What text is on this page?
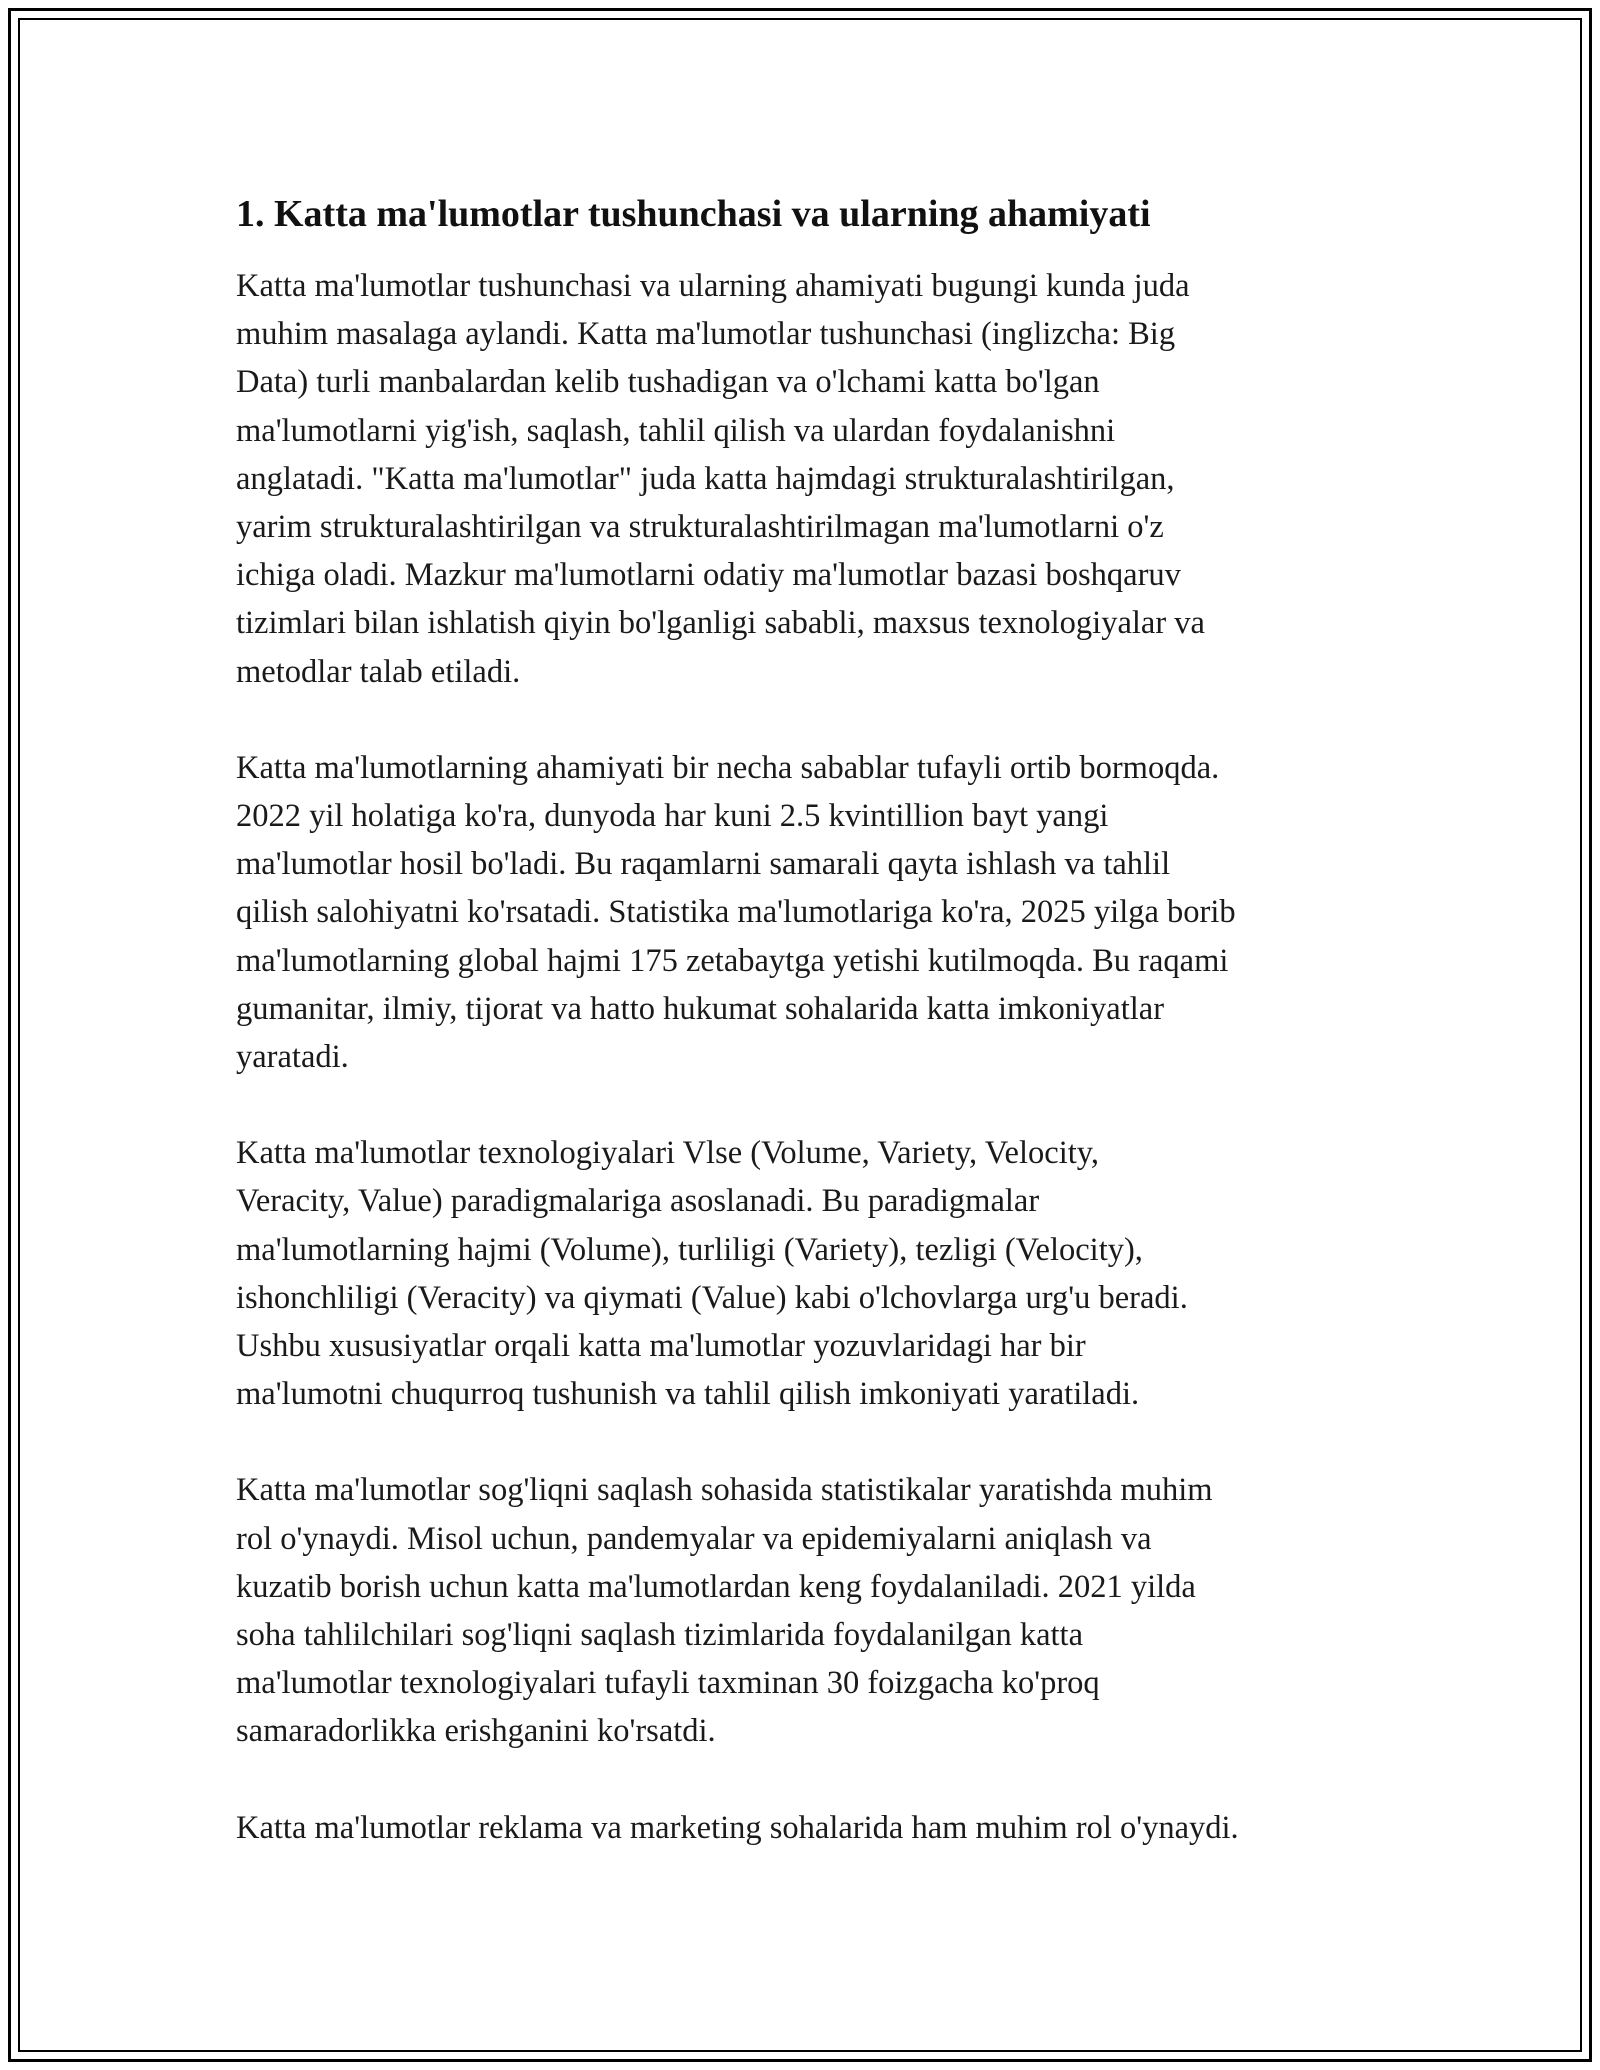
1. Katta ma'lumotlar tushunchasi va ularning ahamiyati

Katta ma'lumotlar tushunchasi va ularning ahamiyati bugungi kunda juda
muhim masalaga aylandi. Katta ma'lumotlar tushunchasi (inglizcha: Big
Data) turli manbalardan kelib tushadigan va o'lchami katta bo'lgan
ma'lumotlarni yig'ish, saqlash, tahlil qilish va ulardan foydalanishni
anglatadi. "Katta ma'lumotlar" juda katta hajmdagi strukturalashtirilgan,
yarim strukturalashtirilgan va strukturalashtirilmagan ma'lumotlarni o'z
ichiga oladi. Mazkur ma'lumotlarni odatiy ma'lumotlar bazasi boshqaruv
tizimlari bilan ishlatish qiyin bo'lganligi sababli, maxsus texnologiyalar va
metodlar talab etiladi.

Katta ma'lumotlarning ahamiyati bir necha sabablar tufayli ortib bormoqda.
2022 yil holatiga ko'ra, dunyoda har kuni 2.5 kvintillion bayt yangi
ma'lumotlar hosil bo'ladi. Bu raqamlarni samarali qayta ishlash va tahlil
qilish salohiyatni ko'rsatadi. Statistika ma'lumotlariga ko'ra, 2025 yilga borib
ma'lumotlarning global hajmi 175 zetabaytga yetishi kutilmoqda. Bu raqami
gumanitar, ilmiy, tijorat va hatto hukumat sohalarida katta imkoniyatlar
yaratadi.

Katta ma'lumotlar texnologiyalari Vlse (Volume, Variety, Velocity,
Veracity, Value) paradigmalariga asoslanadi. Bu paradigmalar
ma'lumotlarning hajmi (Volume), turliligi (Variety), tezligi (Velocity),
ishonchliligi (Veracity) va qiymati (Value) kabi o'lchovlarga urg'u beradi.
Ushbu xususiyatlar orqali katta ma'lumotlar yozuvlaridagi har bir
ma'lumotni chuqurroq tushunish va tahlil qilish imkoniyati yaratiladi.

Katta ma'lumotlar sog'liqni saqlash sohasida statistikalar yaratishda muhim
rol o'ynaydi. Misol uchun, pandemyalar va epidemiyalarni aniqlash va
kuzatib borish uchun katta ma'lumotlardan keng foydalaniladi. 2021 yilda
soha tahlilchilari sog'liqni saqlash tizimlarida foydalanilgan katta
ma'lumotlar texnologiyalari tufayli taxminan 30 foizgacha ko'proq
samaradorlikka erishganini ko'rsatdi.

Katta ma'lumotlar reklama va marketing sohalarida ham muhim rol o'ynaydi.
